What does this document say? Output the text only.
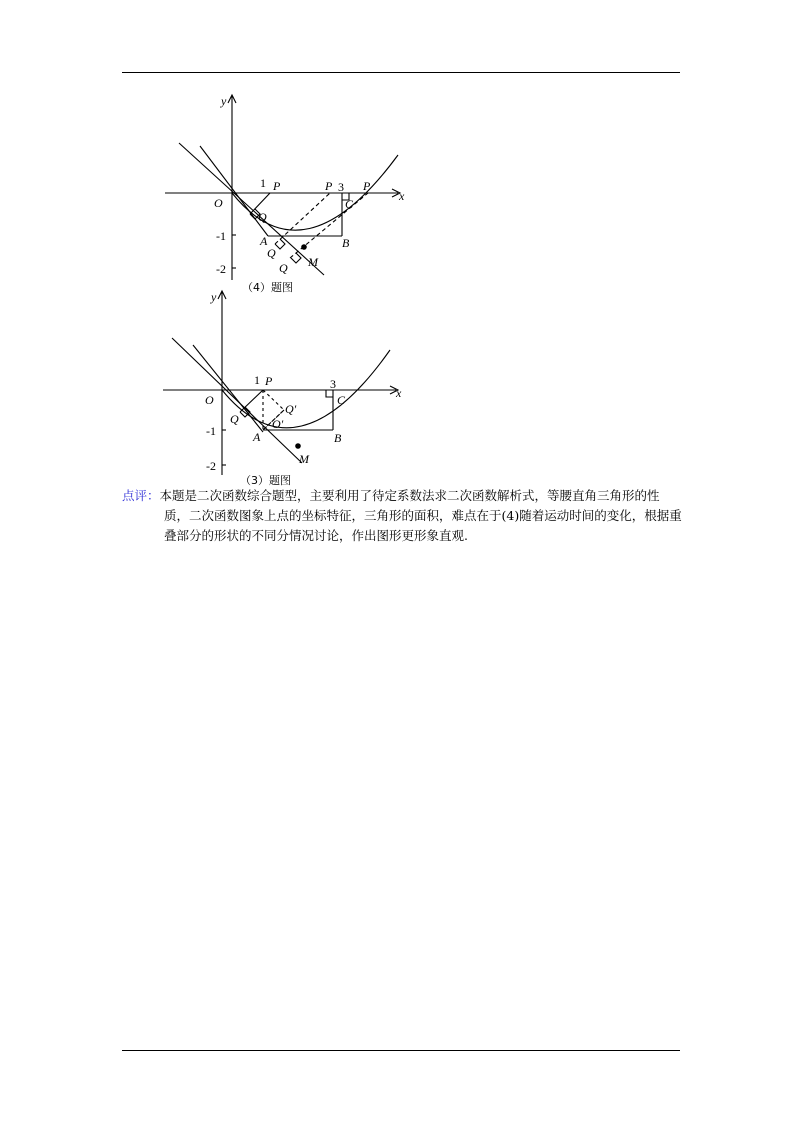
y
x
O
1	3
-1
-2
P	P	P
Q
Q
Q
A	B
C
M
（4）题图
y
x
O
1	3
-1
-2
P
Q
Q′
O′
A	B
C
M
（3）题图
点评：本题是二次函数综合题型，主要利用了待定系数法求二次函数解析式，等腰直角三角形的性
质，二次函数图象上点的坐标特征，三角形的面积，难点在于(4)随着运动时间的变化，根据重
叠部分的形状的不同分情况讨论，作出图形更形象直观.
